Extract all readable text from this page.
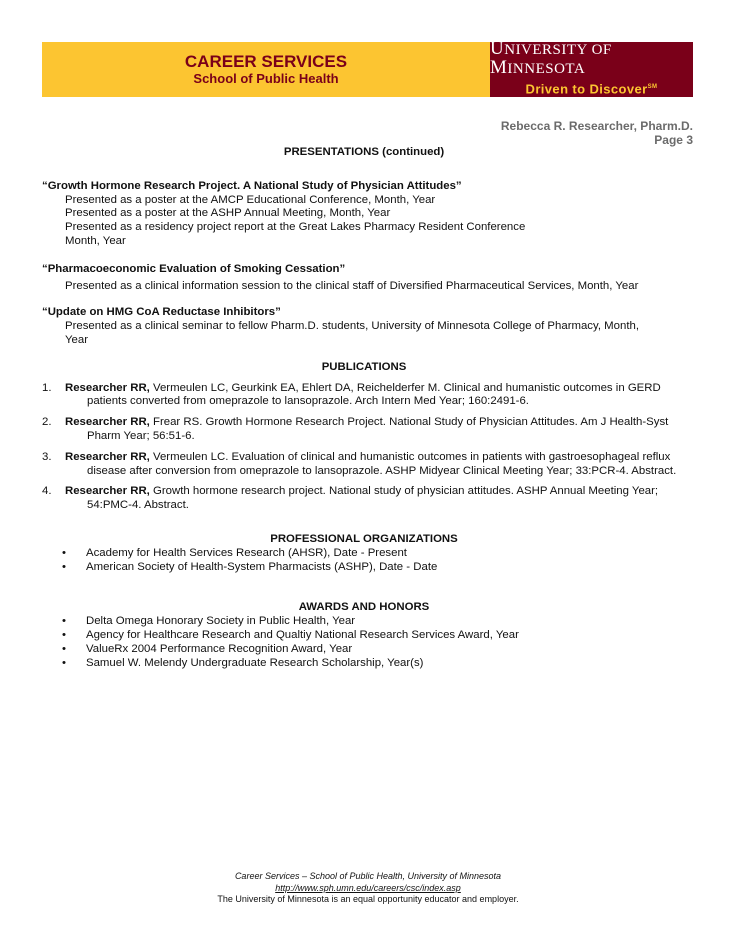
CAREER SERVICES
School of Public Health
UNIVERSITY OF MINNESOTA
Driven to Discover℠
Rebecca R. Researcher, Pharm.D.
Page 3
PRESENTATIONS (continued)
“Growth Hormone Research Project. A National Study of Physician Attitudes”
Presented as a poster at the AMCP Educational Conference, Month, Year
Presented as a poster at the ASHP Annual Meeting, Month, Year
Presented as a residency project report at the Great Lakes Pharmacy Resident Conference
Month, Year
“Pharmacoeconomic Evaluation of Smoking Cessation”
Presented as a clinical information session to the clinical staff of Diversified Pharmaceutical Services, Month, Year
“Update on HMG CoA Reductase Inhibitors”
Presented as a clinical seminar to fellow Pharm.D. students, University of Minnesota College of Pharmacy, Month,
Year
PUBLICATIONS
1.	Researcher RR, Vermeulen LC, Geurkink EA, Ehlert DA, Reichelderfer M. Clinical and humanistic outcomes in GERD patients converted from omeprazole to lansoprazole. Arch Intern Med Year; 160:2491-6.
2.	Researcher RR, Frear RS. Growth Hormone Research Project. National Study of Physician Attitudes. Am J Health-Syst Pharm Year; 56:51-6.
3.	Researcher RR, Vermeulen LC. Evaluation of clinical and humanistic outcomes in patients with gastroesophageal reflux disease after conversion from omeprazole to lansoprazole. ASHP Midyear Clinical Meeting Year; 33:PCR-4. Abstract.
4.	Researcher RR, Growth hormone research project. National study of physician attitudes. ASHP Annual Meeting Year; 54:PMC-4. Abstract.
PROFESSIONAL ORGANIZATIONS
•	Academy for Health Services Research (AHSR), Date - Present
•	American Society of Health-System Pharmacists (ASHP), Date - Date
AWARDS AND HONORS
•	Delta Omega Honorary Society in Public Health, Year
•	Agency for Healthcare Research and Qualtiy National Research Services Award, Year
•	ValueRx 2004 Performance Recognition Award, Year
•	Samuel W. Melendy Undergraduate Research Scholarship, Year(s)
Career Services – School of Public Health, University of Minnesota
http://www.sph.umn.edu/careers/csc/index.asp
The University of Minnesota is an equal opportunity educator and employer.
